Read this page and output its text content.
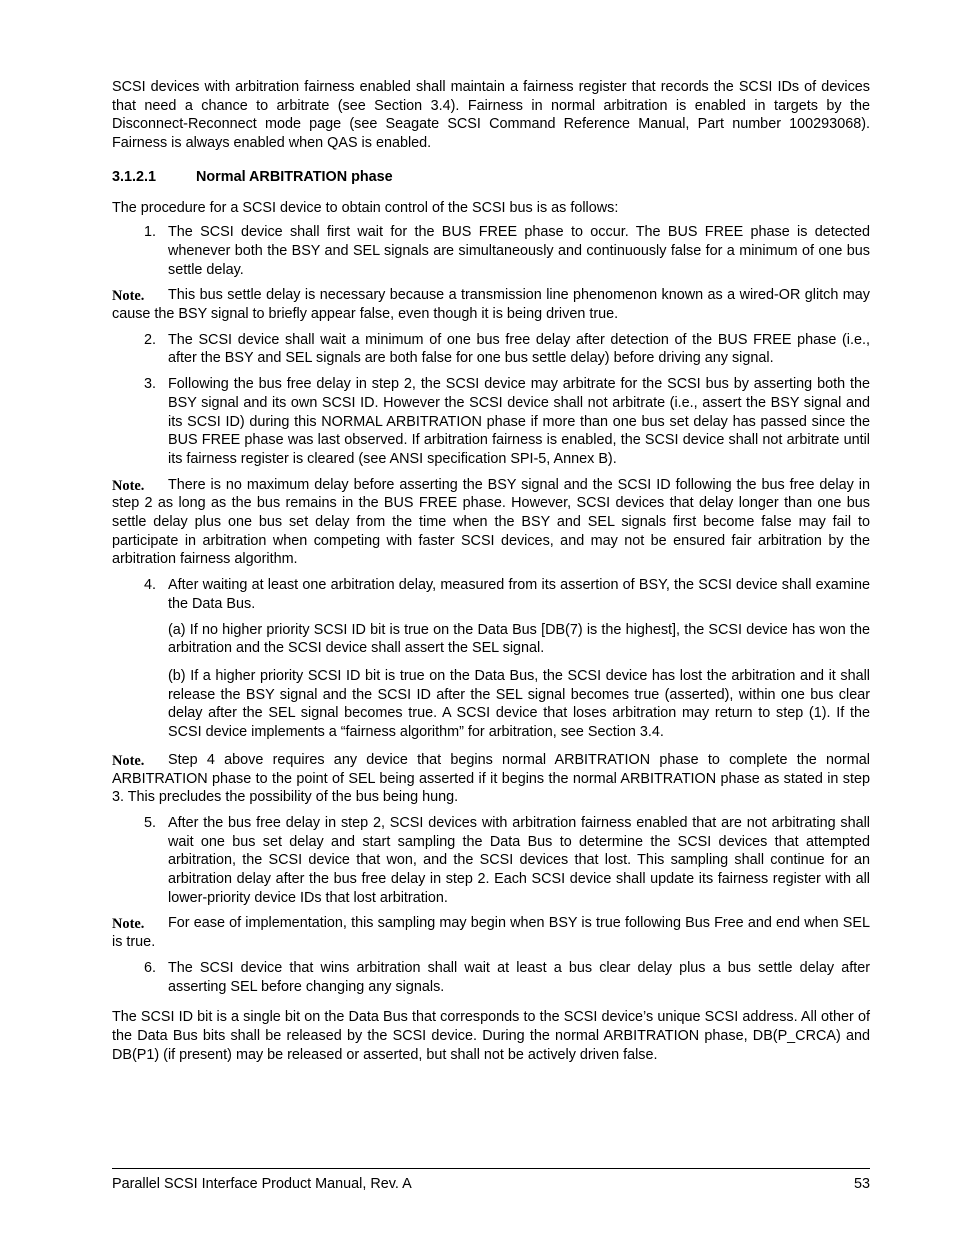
SCSI devices with arbitration fairness enabled shall maintain a fairness register that records the SCSI IDs of devices that need a chance to arbitrate (see Section 3.4). Fairness in normal arbitration is enabled in targets by the Disconnect-Reconnect mode page (see Seagate SCSI Command Reference Manual, Part number 100293068). Fairness is always enabled when QAS is enabled.

3.1.2.1	Normal ARBITRATION phase

The procedure for a SCSI device to obtain control of the SCSI bus is as follows:

1. The SCSI device shall first wait for the BUS FREE phase to occur. The BUS FREE phase is detected whenever both the BSY and SEL signals are simultaneously and continuously false for a minimum of one bus settle delay.

Note.	This bus settle delay is necessary because a transmission line phenomenon known as a wired-OR glitch may cause the BSY signal to briefly appear false, even though it is being driven true.

2. The SCSI device shall wait a minimum of one bus free delay after detection of the BUS FREE phase (i.e., after the BSY and SEL signals are both false for one bus settle delay) before driving any signal.

3. Following the bus free delay in step 2, the SCSI device may arbitrate for the SCSI bus by asserting both the BSY signal and its own SCSI ID. However the SCSI device shall not arbitrate (i.e., assert the BSY signal and its SCSI ID) during this NORMAL ARBITRATION phase if more than one bus set delay has passed since the BUS FREE phase was last observed. If arbitration fairness is enabled, the SCSI device shall not arbitrate until its fairness register is cleared (see ANSI specification SPI-5, Annex B).

Note.	There is no maximum delay before asserting the BSY signal and the SCSI ID following the bus free delay in step 2 as long as the bus remains in the BUS FREE phase. However, SCSI devices that delay longer than one bus settle delay plus one bus set delay from the time when the BSY and SEL signals first become false may fail to participate in arbitration when competing with faster SCSI devices, and may not be ensured fair arbitration by the arbitration fairness algorithm.

4. After waiting at least one arbitration delay, measured from its assertion of BSY, the SCSI device shall examine the Data Bus.

(a) If no higher priority SCSI ID bit is true on the Data Bus [DB(7) is the highest], the SCSI device has won the arbitration and the SCSI device shall assert the SEL signal.

(b) If a higher priority SCSI ID bit is true on the Data Bus, the SCSI device has lost the arbitration and it shall release the BSY signal and the SCSI ID after the SEL signal becomes true (asserted), within one bus clear delay after the SEL signal becomes true. A SCSI device that loses arbitration may return to step (1). If the SCSI device implements a “fairness algorithm” for arbitration, see Section 3.4.

Note.	Step 4 above requires any device that begins normal ARBITRATION phase to complete the normal ARBITRATION phase to the point of SEL being asserted if it begins the normal ARBITRATION phase as stated in step 3. This precludes the possibility of the bus being hung.

5. After the bus free delay in step 2, SCSI devices with arbitration fairness enabled that are not arbitrating shall wait one bus set delay and start sampling the Data Bus to determine the SCSI devices that attempted arbitration, the SCSI device that won, and the SCSI devices that lost. This sampling shall continue for an arbitration delay after the bus free delay in step 2. Each SCSI device shall update its fairness register with all lower-priority device IDs that lost arbitration.

Note.	For ease of implementation, this sampling may begin when BSY is true following Bus Free and end when SEL is true.

6. The SCSI device that wins arbitration shall wait at least a bus clear delay plus a bus settle delay after asserting SEL before changing any signals.

The SCSI ID bit is a single bit on the Data Bus that corresponds to the SCSI device’s unique SCSI address. All other of the Data Bus bits shall be released by the SCSI device. During the normal ARBITRATION phase, DB(P_CRCA) and DB(P1) (if present) may be released or asserted, but shall not be actively driven false.

Parallel SCSI Interface Product Manual, Rev. A	53
